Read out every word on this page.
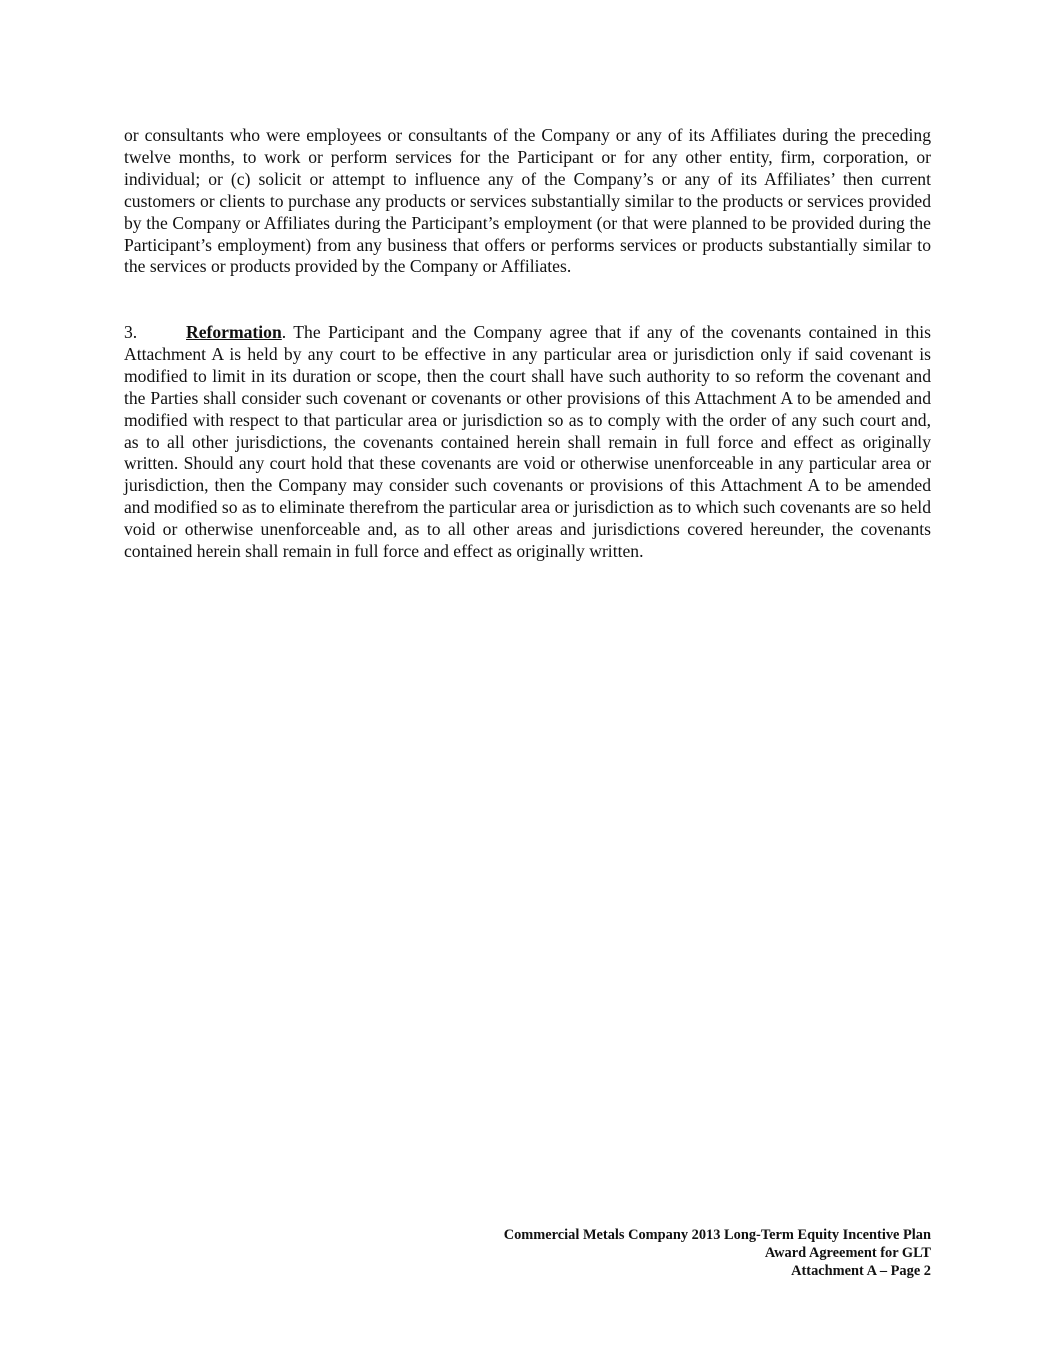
or consultants who were employees or consultants of the Company or any of its Affiliates during the preceding twelve months, to work or perform services for the Participant or for any other entity, firm, corporation, or individual; or (c) solicit or attempt to influence any of the Company’s or any of its Affiliates’ then current customers or clients to purchase any products or services substantially similar to the products or services provided by the Company or Affiliates during the Participant’s employment (or that were planned to be provided during the Participant’s employment) from any business that offers or performs services or products substantially similar to the services or products provided by the Company or Affiliates.

3.	Reformation. The Participant and the Company agree that if any of the covenants contained in this Attachment A is held by any court to be effective in any particular area or jurisdiction only if said covenant is modified to limit in its duration or scope, then the court shall have such authority to so reform the covenant and the Parties shall consider such covenant or covenants or other provisions of this Attachment A to be amended and modified with respect to that particular area or jurisdiction so as to comply with the order of any such court and, as to all other jurisdictions, the covenants contained herein shall remain in full force and effect as originally written. Should any court hold that these covenants are void or otherwise unenforceable in any particular area or jurisdiction, then the Company may consider such covenants or provisions of this Attachment A to be amended and modified so as to eliminate therefrom the particular area or jurisdiction as to which such covenants are so held void or otherwise unenforceable and, as to all other areas and jurisdictions covered hereunder, the covenants contained herein shall remain in full force and effect as originally written.

Commercial Metals Company 2013 Long-Term Equity Incentive Plan
Award Agreement for GLT
Attachment A – Page 2
